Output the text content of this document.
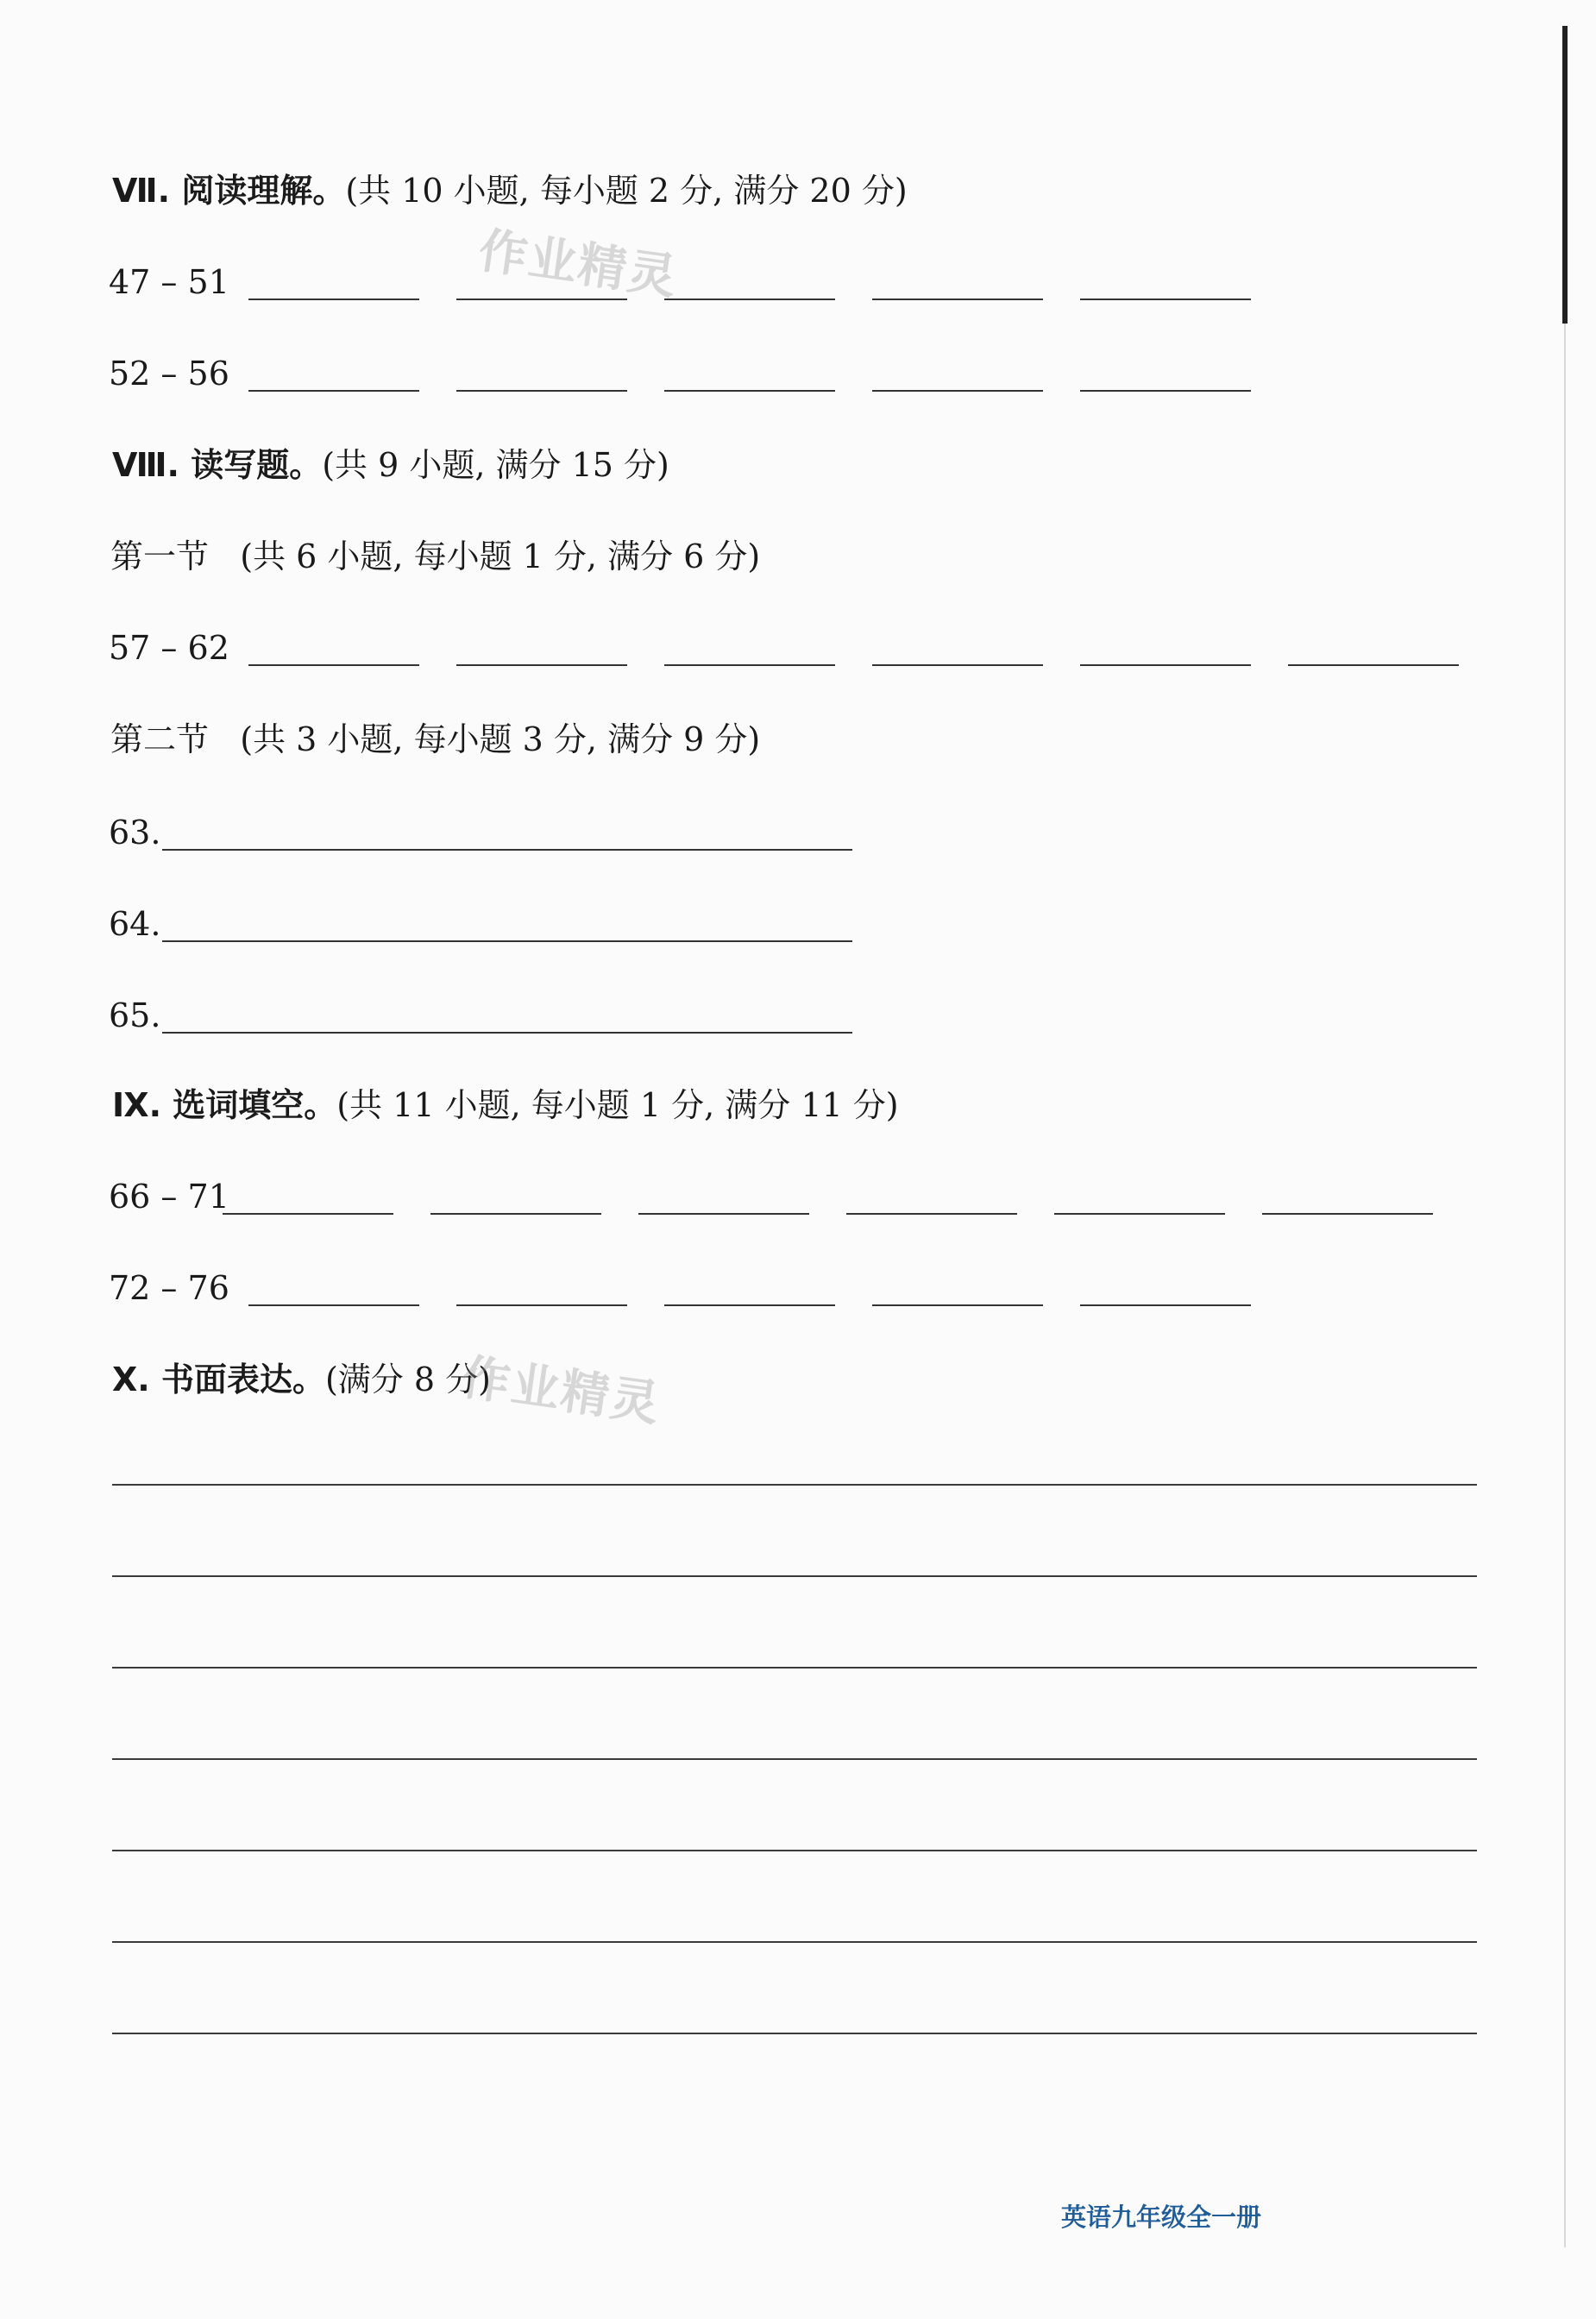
Ⅶ. 阅读理解。(共 10 小题, 每小题 2 分, 满分 20 分)
47 – 51
52 – 56
Ⅷ. 读写题。(共 9 小题, 满分 15 分)
第一节 (共 6 小题, 每小题 1 分, 满分 6 分)
57 – 62
第二节 (共 3 小题, 每小题 3 分, 满分 9 分)
63.
64.
65.
Ⅸ. 选词填空。(共 11 小题, 每小题 1 分, 满分 11 分)
66 – 71
72 – 76
Ⅹ. 书面表达。(满分 8 分)
作业精灵
作业精灵
英语九年级全一册
